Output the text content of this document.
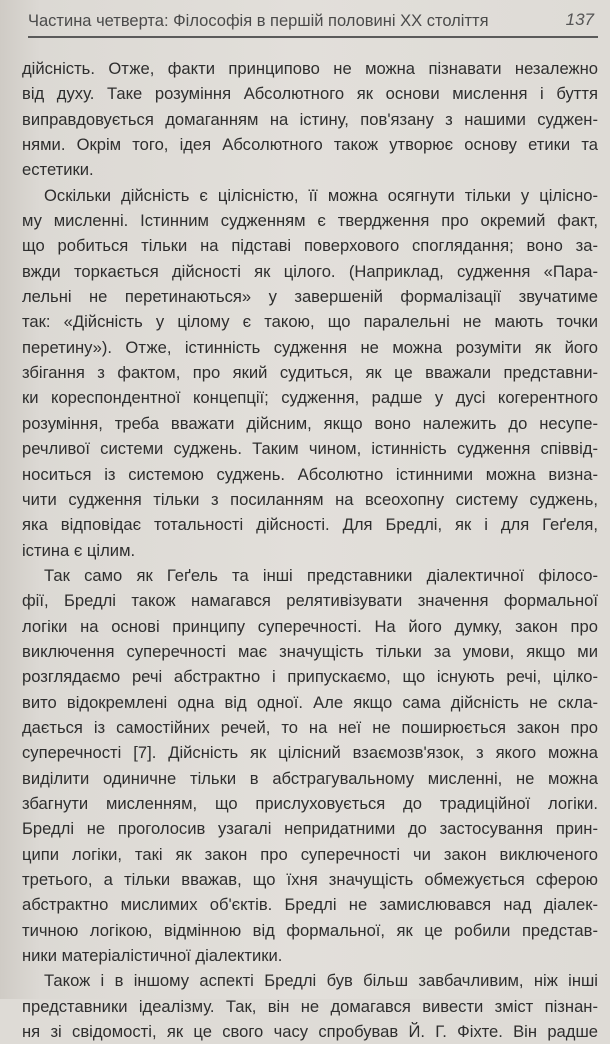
Частина четверта: Філософія в першій половині XX століття	137
дійсність. Отже, факти принципово не можна пізнавати незалежно
від духу. Таке розуміння Абсолютного як основи мислення і буття
виправдовується домаганням на істину, пов'язану з нашими суджен-
нями. Окрім того, ідея Абсолютного також утворює основу етики та
естетики.
Оскільки дійсність є цілісністю, її можна осягнути тільки у цілісно-
му мисленні. Істинним судженням є твердження про окремий факт,
що робиться тільки на підставі поверхового споглядання; воно за-
вжди торкається дійсності як цілого. (Наприклад, судження «Пара-
лельні не перетинаються» у завершеній формалізації звучатиме
так: «Дійсність у цілому є такою, що паралельні не мають точки
перетину»). Отже, істинність судження не можна розуміти як його
збігання з фактом, про який судиться, як це вважали представни-
ки кореспондентної концепції; судження, радше у дусі когерентного
розуміння, треба вважати дійсним, якщо воно належить до несупе-
речливої системи суджень. Таким чином, істинність судження співвід-
носиться із системою суджень. Абсолютно істинними можна визна-
чити судження тільки з посиланням на всеохопну систему суджень,
яка відповідає тотальності дійсності. Для Бредлі, як і для Геґеля,
істина є цілим.
Так само як Геґель та інші представники діалектичної філосо-
фії, Бредлі також намагався релятивізувати значення формальної
логіки на основі принципу суперечності. На його думку, закон про
виключення суперечності має значущість тільки за умови, якщо ми
розглядаємо речі абстрактно і припускаємо, що існують речі, цілко-
вито відокремлені одна від одної. Але якщо сама дійсність не скла-
дається із самостійних речей, то на неї не поширюється закон про
суперечності [7]. Дійсність як цілісний взаємозв'язок, з якого можна
виділити одиничне тільки в абстрагувальному мисленні, не можна
збагнути мисленням, що прислуховується до традиційної логіки.
Бредлі не проголосив узагалі непридатними до застосування прин-
ципи логіки, такі як закон про суперечності чи закон виключеного
третього, а тільки вважав, що їхня значущість обмежується сферою
абстрактно мислимих об'єктів. Бредлі не замислювався над діалек-
тичною логікою, відмінною від формальної, як це робили представ-
ники матеріалістичної діалектики.
Також і в іншому аспекті Бредлі був більш завбачливим, ніж інші
представники ідеалізму. Так, він не домагався вивести зміст пізнан-
ня зі свідомості, як це свого часу спробував Й. Г. Фіхте. Він радше
